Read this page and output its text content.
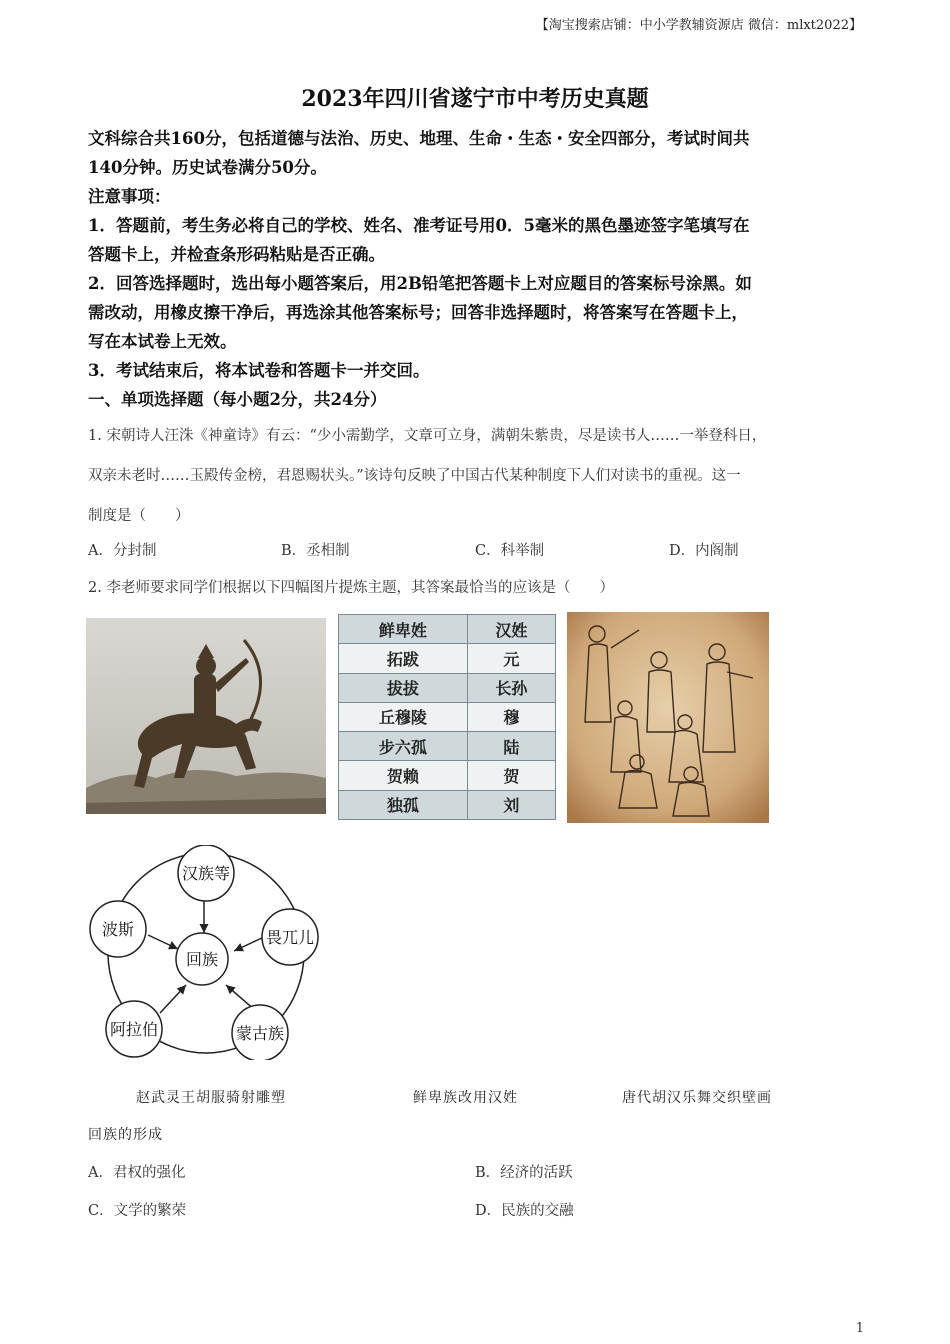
【淘宝搜索店铺：中小学教辅资源店 微信：mlxt2022】
2023年四川省遂宁市中考历史真题
文科综合共160分，包括道德与法治、历史、地理、生命・生态・安全四部分，考试时间共
140分钟。历史试卷满分50分。
注意事项：
1．答题前，考生务必将自己的学校、姓名、准考证号用0．5毫米的黑色墨迹签字笔填写在
答题卡上，并检查条形码粘贴是否正确。
2．回答选择题时，选出每小题答案后，用2B铅笔把答题卡上对应题目的答案标号涂黑。如
需改动，用橡皮擦干净后，再选涂其他答案标号；回答非选择题时，将答案写在答题卡上，
写在本试卷上无效。
3．考试结束后，将本试卷和答题卡一并交回。
一、单项选择题（每小题2分，共24分）
1. 宋朝诗人汪洙《神童诗》有云：“少小需勤学，文章可立身，满朝朱紫贵，尽是读书人……一举登科日，
双亲未老时……玉殿传金榜，君恩赐状头。”该诗句反映了中国古代某种制度下人们对读书的重视。这一
制度是（　　）
A．分封制	B．丞相制	C．科举制	D．内阁制
2. 李老师要求同学们根据以下四幅图片提炼主题，其答案最恰当的应该是（　　）
鲜卑姓	汉姓
拓跋	元
拔拔	长孙
丘穆陵	穆
步六孤	陆
贺赖	贺
独孤	刘
汉族等
波斯	畏兀儿
回族
阿拉伯	蒙古族
赵武灵王胡服骑射雕塑	鲜卑族改用汉姓	唐代胡汉乐舞交织壁画
回族的形成
A．君权的强化	B．经济的活跃
C．文学的繁荣	D．民族的交融
1
